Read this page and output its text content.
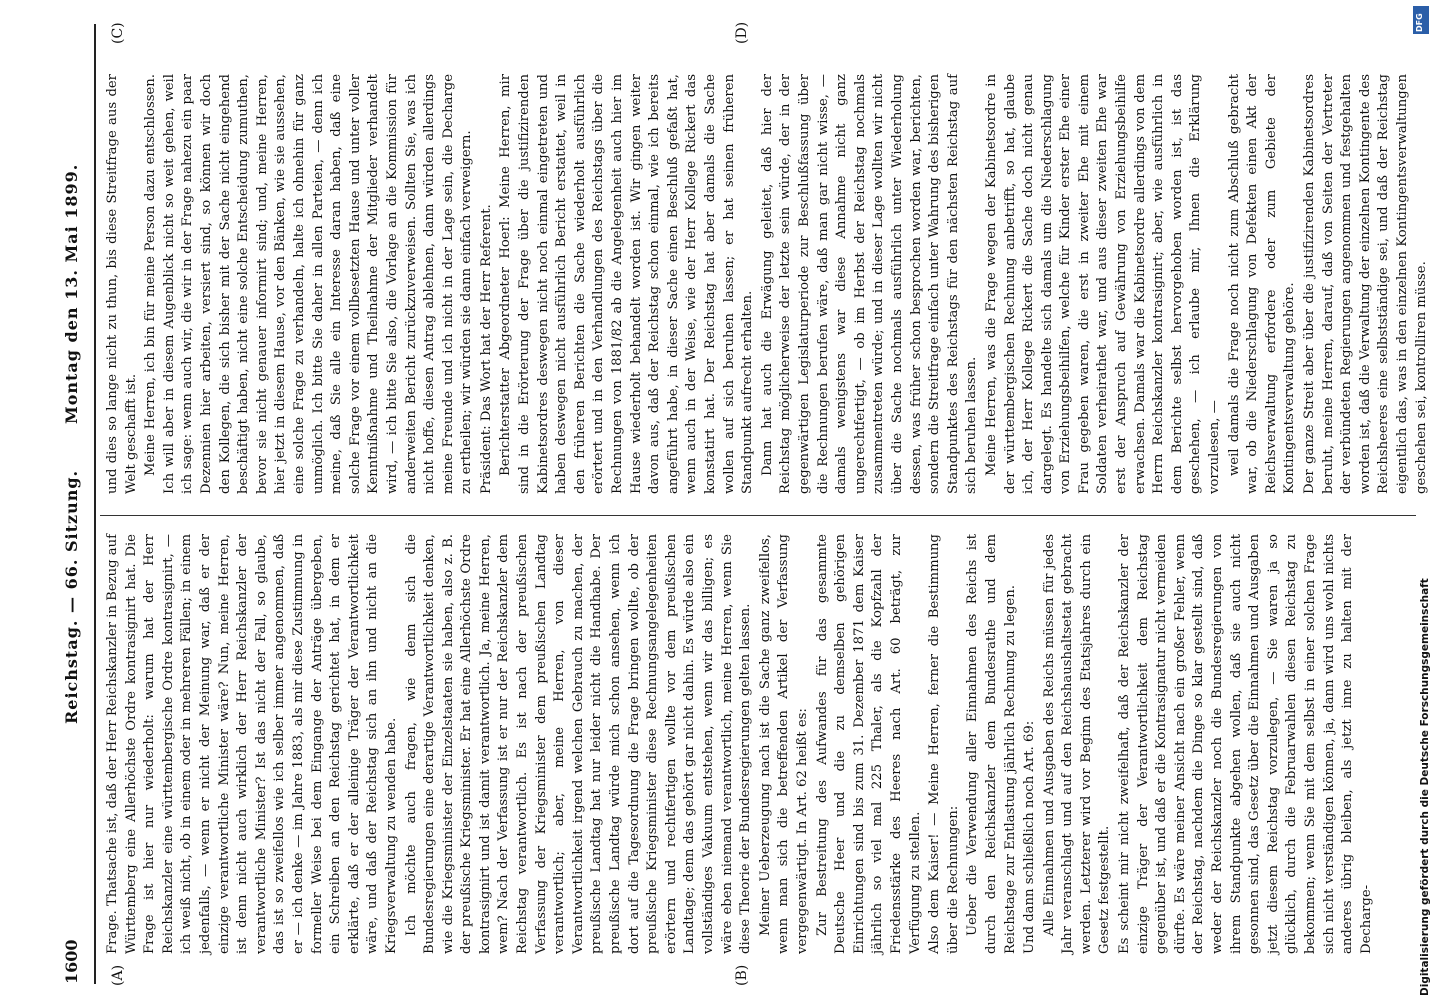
1600
Reichstag. — 66. Sitzung.
Montag den 13. Mai 1899.
(A)	(B)
(C)	(D)

Frage. Thatsache ist, daß der Herr Reichskanzler in Bezug auf Württemberg eine Allerhöchste Ordre kontrasignirt hat. Die Frage ist hier nur wiederholt: warum hat der Herr Reichskanzler eine württembergische Ordre kontrasignirt, — ich weiß nicht, ob in einem oder in mehreren Fällen; in einem jedenfalls, — wenn er nicht der Meinung war, daß er der einzige verantwortliche Minister wäre? Nun, meine Herren, ist denn nicht auch wirklich der Herr Reichskanzler der verantwortliche Minister? Ist das nicht der Fall, so glaube, das ist so zweifellos wie ich selber immer angenommen, daß er — ich denke — im Jahre 1883, als mir diese Zustimmung in formeller Weise bei dem Eingange der Anträge übergeben, ein Schreiben an den Reichstag gerichtet hat, in dem er erklärte, daß er der alleinige Träger der Verantwortlichkeit wäre, und daß der Reichstag sich an ihn und nicht an die Kriegsverwaltung zu wenden habe. Ich möchte auch fragen, wie denn sich die Bundesregierungen eine derartige Verantwortlichkeit denken, wie die Kriegsminister der Einzelstaaten sie haben, also z. B. der preußische Kriegsminister. Er hat eine Allerhöchste Ordre kontrasignirt und ist damit verantwortlich. Ja, meine Herren, wem? Nach der Verfassung ist er nur der Reichskanzler dem Reichstag verantwortlich. Es ist nach der preußischen Verfassung der Kriegsminister dem preußischen Landtag verantwortlich; aber, meine Herren, von dieser Verantwortlichkeit irgend welchen Gebrauch zu machen, der preußische Landtag hat nur leider nicht die Handhabe. Der preußische Landtag würde mich schon ansehen, wenn ich dort auf die Tagesordnung die Frage bringen wollte, ob der preußische Kriegsminister diese Rechnungsangelegenheiten erörtern und rechtfertigen wollte vor dem preußischen Landtage; denn das gehört gar nicht dahin. Es würde also ein vollständiges Vakuum entstehen, wenn wir das billigen; es wäre eben niemand verantwortlich, meine Herren, wenn Sie diese Theorie der Bundesregierungen gelten lassen. Meiner Ueberzeugung nach ist die Sache ganz zweifellos, wenn man sich die betreffenden Artikel der Verfassung vergegenwärtigt. In Art. 62 heißt es: Zur Bestreitung des Aufwandes für das gesammte Deutsche Heer und die zu demselben gehörigen Einrichtungen sind bis zum 31. Dezember 1871 dem Kaiser jährlich so viel mal 225 Thaler, als die Kopfzahl der Friedensstärke des Heeres nach Art. 60 beträgt, zur Verfügung zu stellen. Also dem Kaiser! — Meine Herren, ferner die Bestimmung über die Rechnungen: Ueber die Verwendung aller Einnahmen des Reichs ist durch den Reichskanzler dem Bundesrathe und dem Reichstage zur Entlastung jährlich Rechnung zu legen. Und dann schließlich noch Art. 69: Alle Einnahmen und Ausgaben des Reichs müssen für jedes Jahr veranschlagt und auf den Reichshaushaltsetat gebracht werden. Letzterer wird vor Beginn des Etatsjahres durch ein Gesetz festgestellt. Es scheint mir nicht zweifelhaft, daß der Reichskanzler der einzige Träger der Verantwortlichkeit dem Reichstag gegenüber ist, und daß er die Kontrasignatur nicht vermeiden dürfte. Es wäre meiner Ansicht nach ein großer Fehler, wenn der Reichstag, nachdem die Dinge so klar gestellt sind, daß weder der Reichskanzler noch die Bundesregierungen von ihrem Standpunkte abgehen wollen, daß sie auch nicht gesonnen sind, das Gesetz über die Einnahmen und Ausgaben jetzt diesem Reichstag vorzulegen, — Sie waren ja so glücklich, durch die Februarwahlen diesen Reichstag zu bekommen; wenn Sie mit dem selbst in einer solchen Frage sich nicht verständigen können, ja, dann wird uns wohl nichts anderes übrig bleiben, als jetzt inne zu halten mit der Decharge-

und dies so lange nicht zu thun, bis diese Streitfrage aus der Welt geschafft ist. Meine Herren, ich bin für meine Person dazu entschlossen. Ich will aber in diesem Augenblick nicht so weit gehen, weil ich sage: wenn auch wir, die wir in der Frage nahezu ein paar Dezennien hier arbeiten, versiert sind, so können wir doch den Kollegen, die sich bisher mit der Sache nicht eingehend beschäftigt haben, nicht eine solche Entscheidung zumuthen, bevor sie nicht genauer informirt sind; und, meine Herren, hier jetzt in diesem Hause, vor den Bänken, wie sie aussehen, eine solche Frage zu verhandeln, halte ich ohnehin für ganz unmöglich. Ich bitte Sie daher in allen Parteien, — denn ich meine, daß Sie alle ein Interesse daran haben, daß eine solche Frage vor einem vollbesetzten Hause und unter voller Kenntnißnahme und Theilnahme der Mitglieder verhandelt wird, — ich bitte Sie also, die Vorlage an die Kommission für anderweiten Bericht zurückzuverweisen. Sollten Sie, was ich nicht hoffe, diesen Antrag ablehnen, dann würden allerdings meine Freunde und ich nicht in der Lage sein, die Decharge zu ertheilen; wir würden sie dann einfach verweigern. Präsident: Das Wort hat der Herr Referent. Berichterstatter Abgeordneter Hoerl: Meine Herren, mir sind in die Erörterung der Frage über die justifizirenden Kabinetsordres deswegen nicht noch einmal eingetreten und haben deswegen nicht ausführlich Bericht erstattet, weil in den früheren Berichten die Sache wiederholt ausführlich erörtert und in den Verhandlungen des Reichstags über die Rechnungen von 1881/82 ab die Angelegenheit auch hier im Hause wiederholt behandelt worden ist. Wir gingen weiter davon aus, daß der Reichstag schon einmal, wie ich bereits angeführt habe, in dieser Sache einen Beschluß gefaßt hat, wenn auch in der Weise, wie der Herr Kollege Rickert das konstatirt hat. Der Reichstag hat aber damals die Sache wollen auf sich beruhen lassen; er hat seinen früheren Standpunkt aufrecht erhalten. Dann hat auch die Erwägung geleitet, daß hier der Reichstag möglicherweise der letzte sein würde, der in der gegenwärtigen Legislaturperiode zur Beschlußfassung über die Rechnungen berufen wäre, daß man gar nicht wisse, — damals wenigstens war diese Annahme nicht ganz ungerechtfertigt, — ob im Herbst der Reichstag nochmals zusammentreten würde; und in dieser Lage wollten wir nicht über die Sache nochmals ausführlich unter Wiederholung dessen, was früher schon besprochen worden war, berichten, sondern die Streitfrage einfach unter Wahrung des bisherigen Standpunktes des Reichstags für den nächsten Reichstag auf sich beruhen lassen. Meine Herren, was die Frage wegen der Kabinetsordre in der württembergischen Rechnung anbetrifft, so hat, glaube ich, der Herr Kollege Rickert die Sache doch nicht genau dargelegt. Es handelte sich damals um die Niederschlagung von Erziehungsbeihilfen, welche für Kinder erster Ehe einer Frau gegeben waren, die erst in zweiter Ehe mit einem Soldaten verheirathet war, und aus dieser zweiten Ehe war erst der Anspruch auf Gewährung von Erziehungsbeihilfe erwachsen. Damals war die Kabinetsordre allerdings von dem Herrn Reichskanzler kontrasignirt; aber, wie ausführlich in dem Berichte selbst hervorgehoben worden ist, ist das geschehen, — ich erlaube mir, Ihnen die Erklärung vorzulesen, — weil damals die Frage noch nicht zum Abschluß gebracht war, ob die Niederschlagung von Defekten einen Akt der Reichsverwaltung erfordere oder zum Gebiete der Kontingentsverwaltung gehöre. Der ganze Streit aber über die justifizirenden Kabinetsordres beruht, meine Herren, darauf, daß von Seiten der Vertreter der verbündeten Regierungen angenommen und festgehalten worden ist, daß die Verwaltung der einzelnen Kontingente des Reichsheeres eine selbstständige sei, und daß der Reichstag eigentlich das, was in den einzelnen Kontingentsverwaltungen geschehen sei, kontrolliren müsse.

DFG
Digitalisierung gefördert durch die Deutsche Forschungsgemeinschaft
